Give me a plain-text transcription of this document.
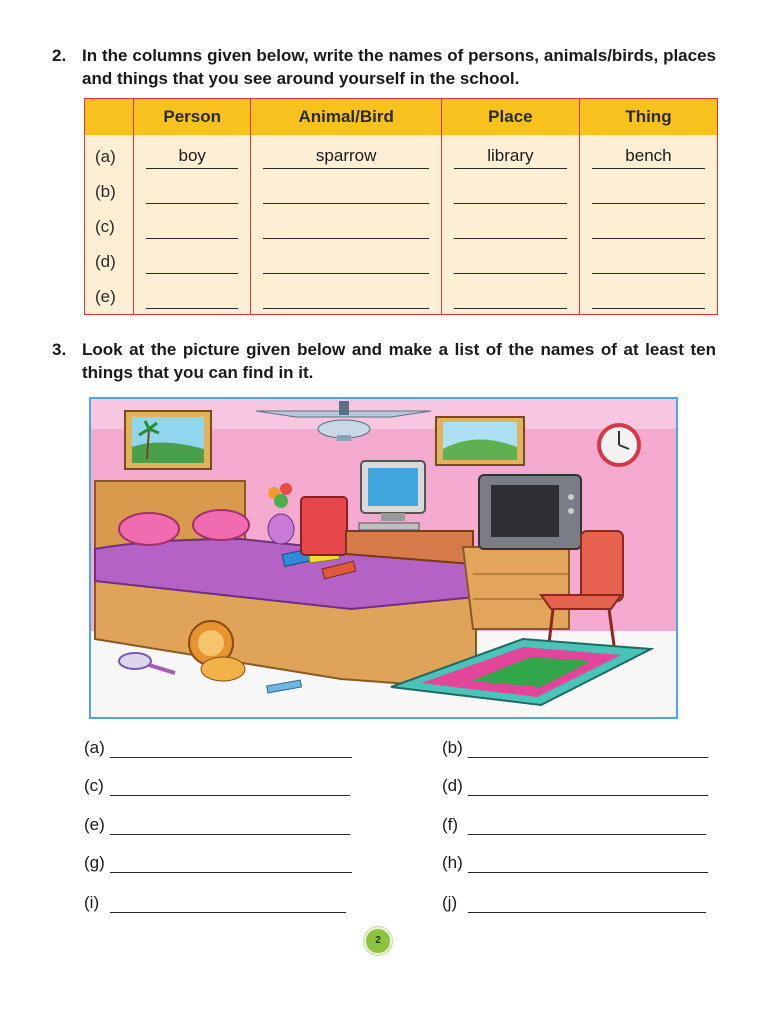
2. In the columns given below, write the names of persons, animals/birds, places and things that you see around yourself in the school.
	Person	Animal/Bird	Place	Thing
(a)	boy	sparrow	library	bench

(b)	

(c)	

(d)	

(e)	

3. Look at the picture given below and make a list of the names of at least ten things that you can find in it.
(a)	(b)
(c)	(d)
(e)	(f)
(g)	(h)
(i)	(j)
2
